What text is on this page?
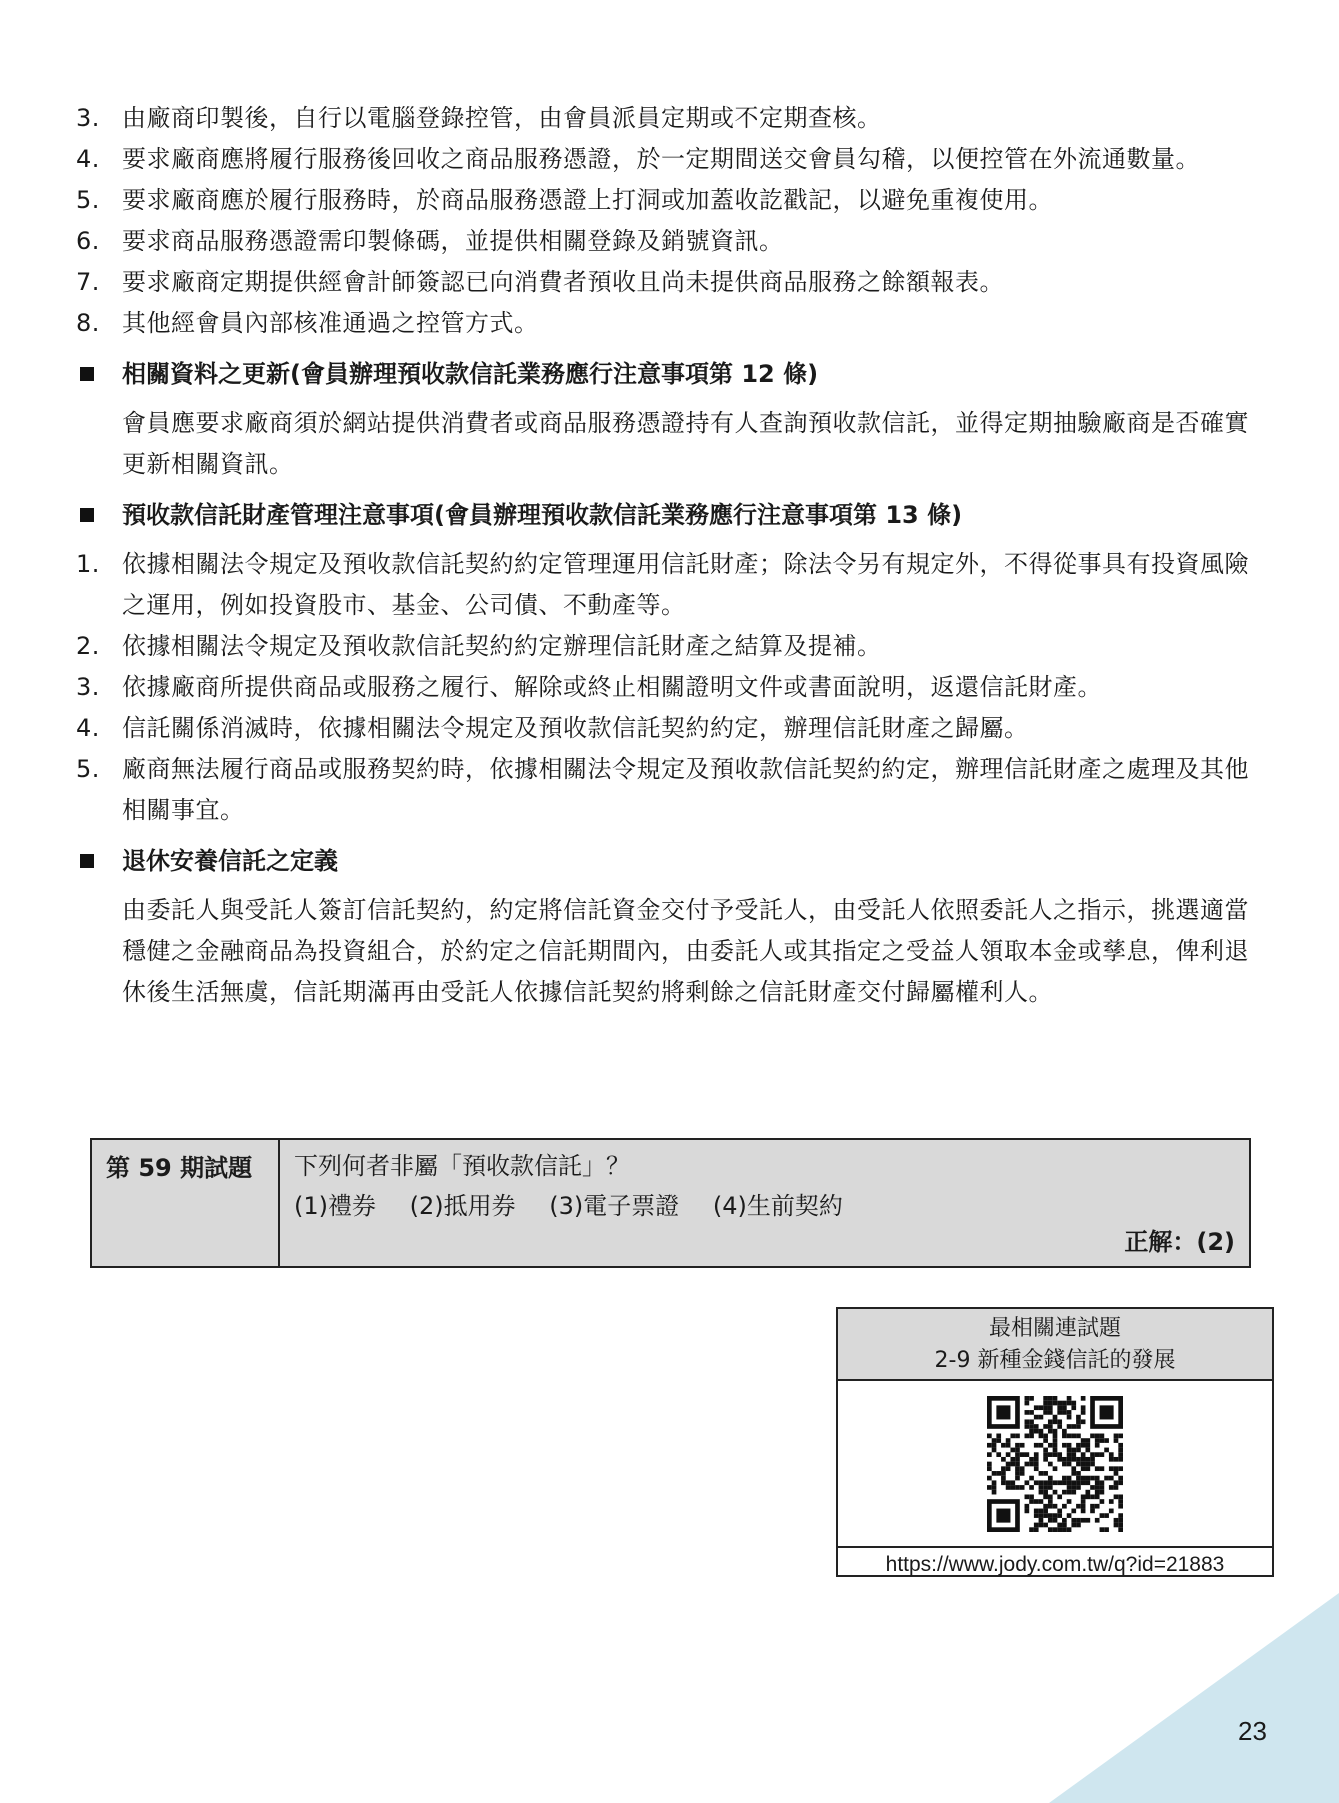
3. 由廠商印製後，自行以電腦登錄控管，由會員派員定期或不定期查核。
4. 要求廠商應將履行服務後回收之商品服務憑證，於一定期間送交會員勾稽，以便控管在外流通數量。
5. 要求廠商應於履行服務時，於商品服務憑證上打洞或加蓋收訖戳記，以避免重複使用。
6. 要求商品服務憑證需印製條碼，並提供相關登錄及銷號資訊。
7. 要求廠商定期提供經會計師簽認已向消費者預收且尚未提供商品服務之餘額報表。
8. 其他經會員內部核准通過之控管方式。
相關資料之更新(會員辦理預收款信託業務應行注意事項第 12 條)
會員應要求廠商須於網站提供消費者或商品服務憑證持有人查詢預收款信託，並得定期抽驗廠商是否確實更新相關資訊。
預收款信託財產管理注意事項(會員辦理預收款信託業務應行注意事項第 13 條)
1. 依據相關法令規定及預收款信託契約約定管理運用信託財產；除法令另有規定外，不得從事具有投資風險之運用，例如投資股市、基金、公司債、不動產等。
2. 依據相關法令規定及預收款信託契約約定辦理信託財產之結算及提補。
3. 依據廠商所提供商品或服務之履行、解除或終止相關證明文件或書面說明，返還信託財產。
4. 信託關係消滅時，依據相關法令規定及預收款信託契約約定，辦理信託財產之歸屬。
5. 廠商無法履行商品或服務契約時，依據相關法令規定及預收款信託契約約定，辦理信託財產之處理及其他相關事宜。
退休安養信託之定義
由委託人與受託人簽訂信託契約，約定將信託資金交付予受託人，由受託人依照委託人之指示，挑選適當穩健之金融商品為投資組合，於約定之信託期間內，由委託人或其指定之受益人領取本金或孳息，俾利退休後生活無虞，信託期滿再由受託人依據信託契約將剩餘之信託財產交付歸屬權利人。
第 59 期試題	下列何者非屬「預收款信託」？
(1)禮券 (2)抵用券 (3)電子票證 (4)生前契約
正解：(2)
最相關連試題
2-9 新種金錢信託的發展
https://www.jody.com.tw/q?id=21883
23
